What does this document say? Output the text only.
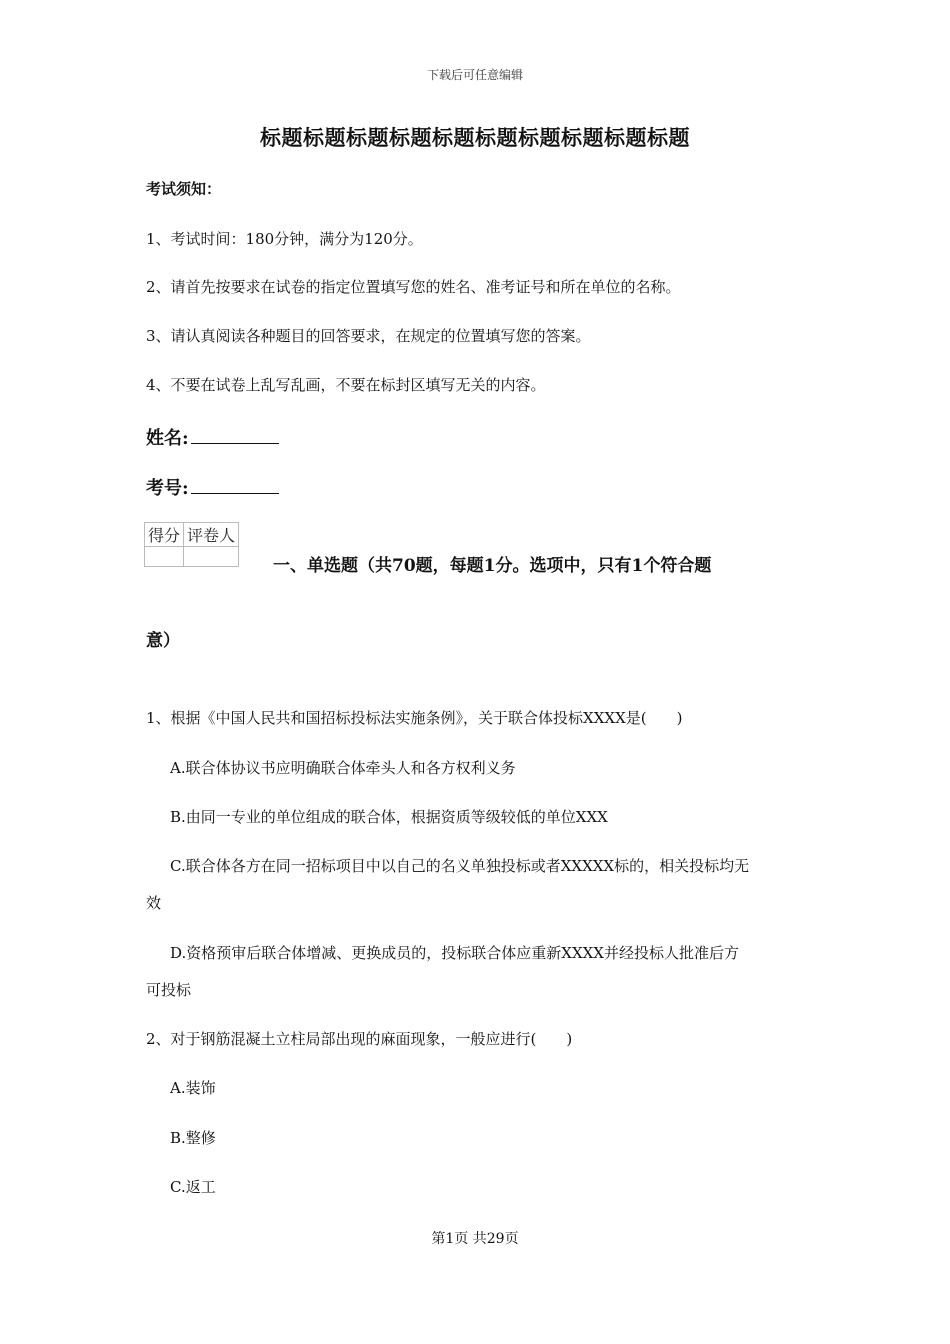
下载后可任意编辑
标题标题标题标题标题标题标题标题标题标题
考试须知：
1、考试时间：180分钟，满分为120分。
2、请首先按要求在试卷的指定位置填写您的姓名、准考证号和所在单位的名称。
3、请认真阅读各种题目的回答要求，在规定的位置填写您的答案。
4、不要在试卷上乱写乱画，不要在标封区填写无关的内容。
姓名:
考号:
得分	评卷人

一、单选题（共70题，每题1分。选项中，只有1个符合题
意）
1、根据《中国人民共和国招标投标法实施条例》，关于联合体投标XXXX是(　　)
A.联合体协议书应明确联合体牵头人和各方权利义务
B.由同一专业的单位组成的联合体，根据资质等级较低的单位XXX
C.联合体各方在同一招标项目中以自己的名义单独投标或者XXXXX标的，相关投标均无
效
D.资格预审后联合体增减、更换成员的，投标联合体应重新XXXX并经投标人批准后方
可投标
2、对于钢筋混凝土立柱局部出现的麻面现象，一般应进行(　　)
A.装饰
B.整修
C.返工
第1页 共29页
